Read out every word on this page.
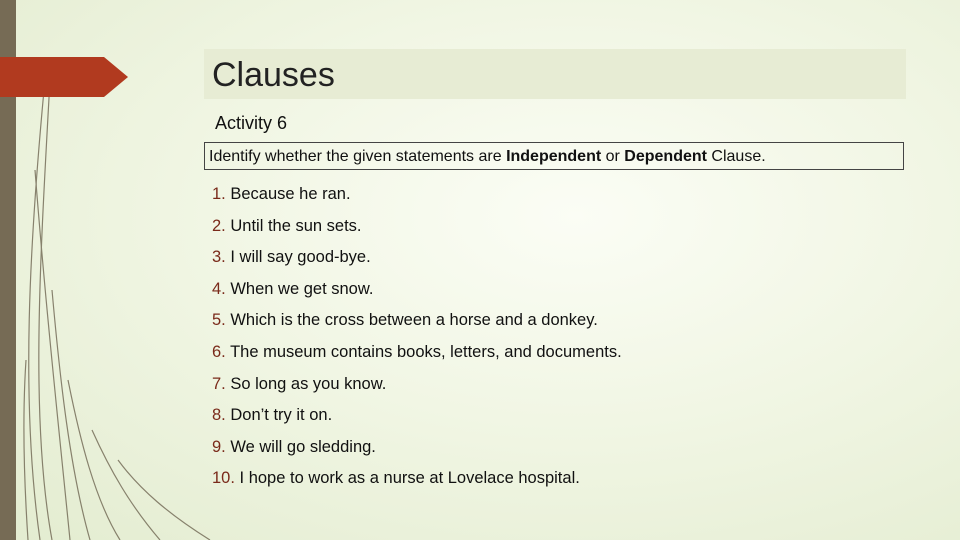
Clauses
Activity 6
Identify whether the given statements are Independent or Dependent Clause.
1. Because he ran.
2. Until the sun sets.
3. I will say good-bye.
4. When we get snow.
5. Which is the cross between a horse and a donkey.
6. The museum contains books, letters, and documents.
7. So long as you know.
8. Don’t try it on.
9. We will go sledding.
10. I hope to work as a nurse at Lovelace hospital.
